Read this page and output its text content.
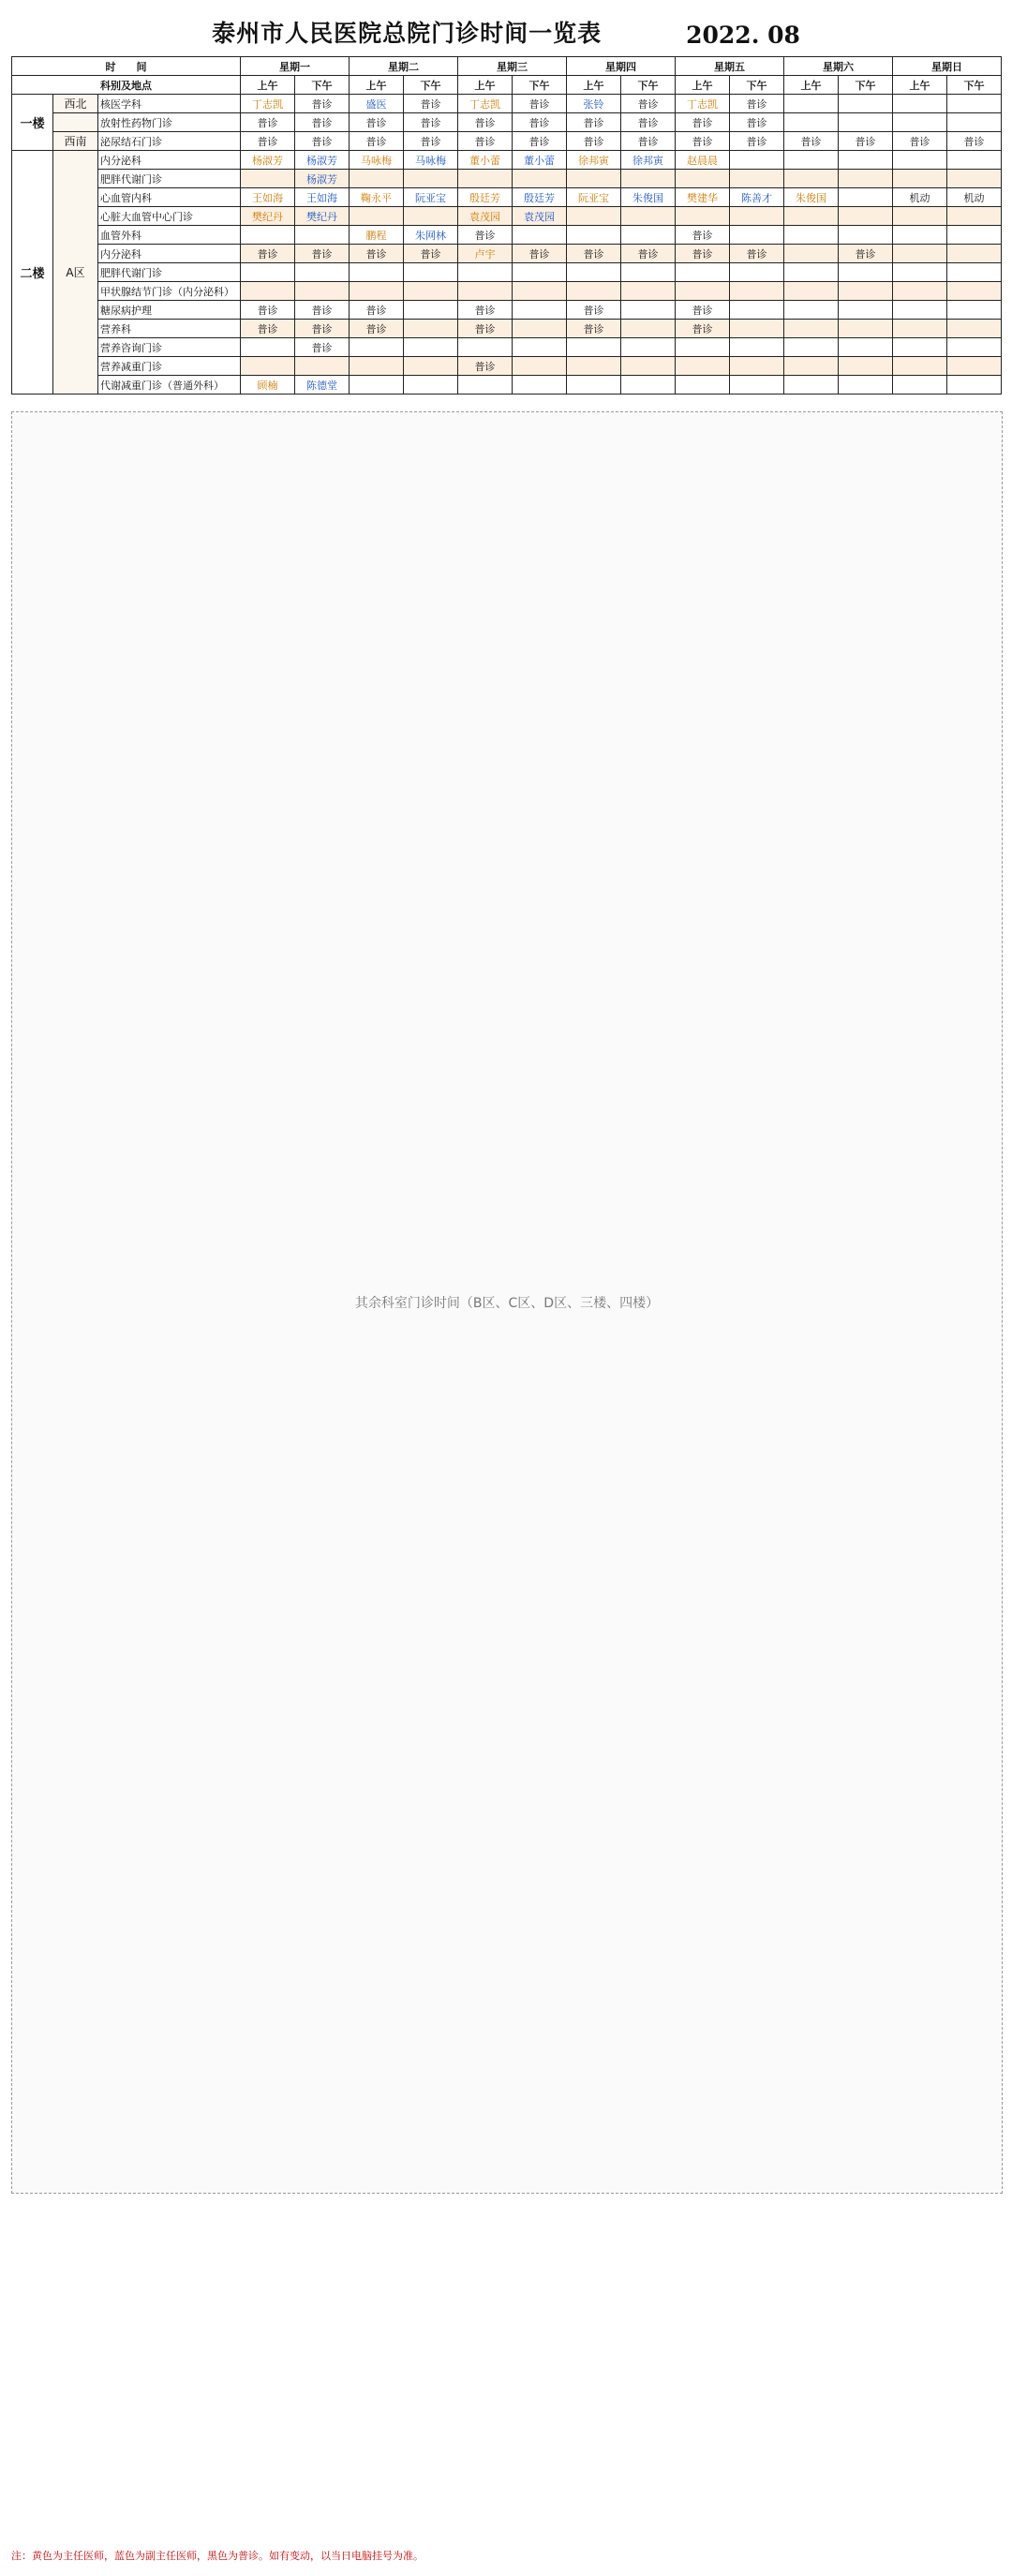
泰州市人民医院总院门诊时间一览表	2022. 08
时　　间			星期一		星期二		星期三		星期四		星期五		星期六		星期日	
科别及地点			上午	下午	上午	下午	上午	下午	上午	下午	上午	下午	上午	下午	上午	下午
一楼	西北	核医学科	丁志凯	普诊	盛医	普诊	丁志凯	普诊	张铃	普诊	丁志凯	普诊				
		放射性药物门诊	普诊	普诊	普诊	普诊	普诊	普诊	普诊	普诊	普诊	普诊				
	西南	泌尿结石门诊	普诊	普诊	普诊	普诊	普诊	普诊	普诊	普诊	普诊	普诊	普诊	普诊	普诊	普诊
二楼	A区	内分泌科	杨淑芳	杨淑芳	马咏梅	马咏梅	董小蕾	董小蕾	徐邦寅	徐邦寅	赵晨晨					
		肥胖代谢门诊		杨淑芳												
		心血管内科	王如海	王如海	鞠永平	阮亚宝	殷廷芳	殷廷芳	阮亚宝	朱俊国	樊建华	陈善才	朱俊国		机动	机动
		心脏大血管中心门诊	樊纪丹	樊纪丹			袁茂园	袁茂园								
		血管外科			鹏程	朱网林	普诊				普诊					
		内分泌科	普诊	普诊	普诊	普诊	卢宇	普诊	普诊	普诊	普诊	普诊		普诊		
		肥胖代谢门诊														
		甲状腺结节门诊（内分泌科）														
		糖尿病护理	普诊	普诊	普诊		普诊		普诊		普诊					
		营养科	普诊	普诊	普诊		普诊		普诊		普诊					
		营养咨询门诊		普诊												
		营养减重门诊					普诊									
		代谢减重门诊（普通外科）	顾楠	陈德堂												
其余科室门诊时间（B区、C区、D区、三楼、四楼）
注：黄色为主任医师，蓝色为副主任医师，黑色为普诊。如有变动，以当日电脑挂号为准。
